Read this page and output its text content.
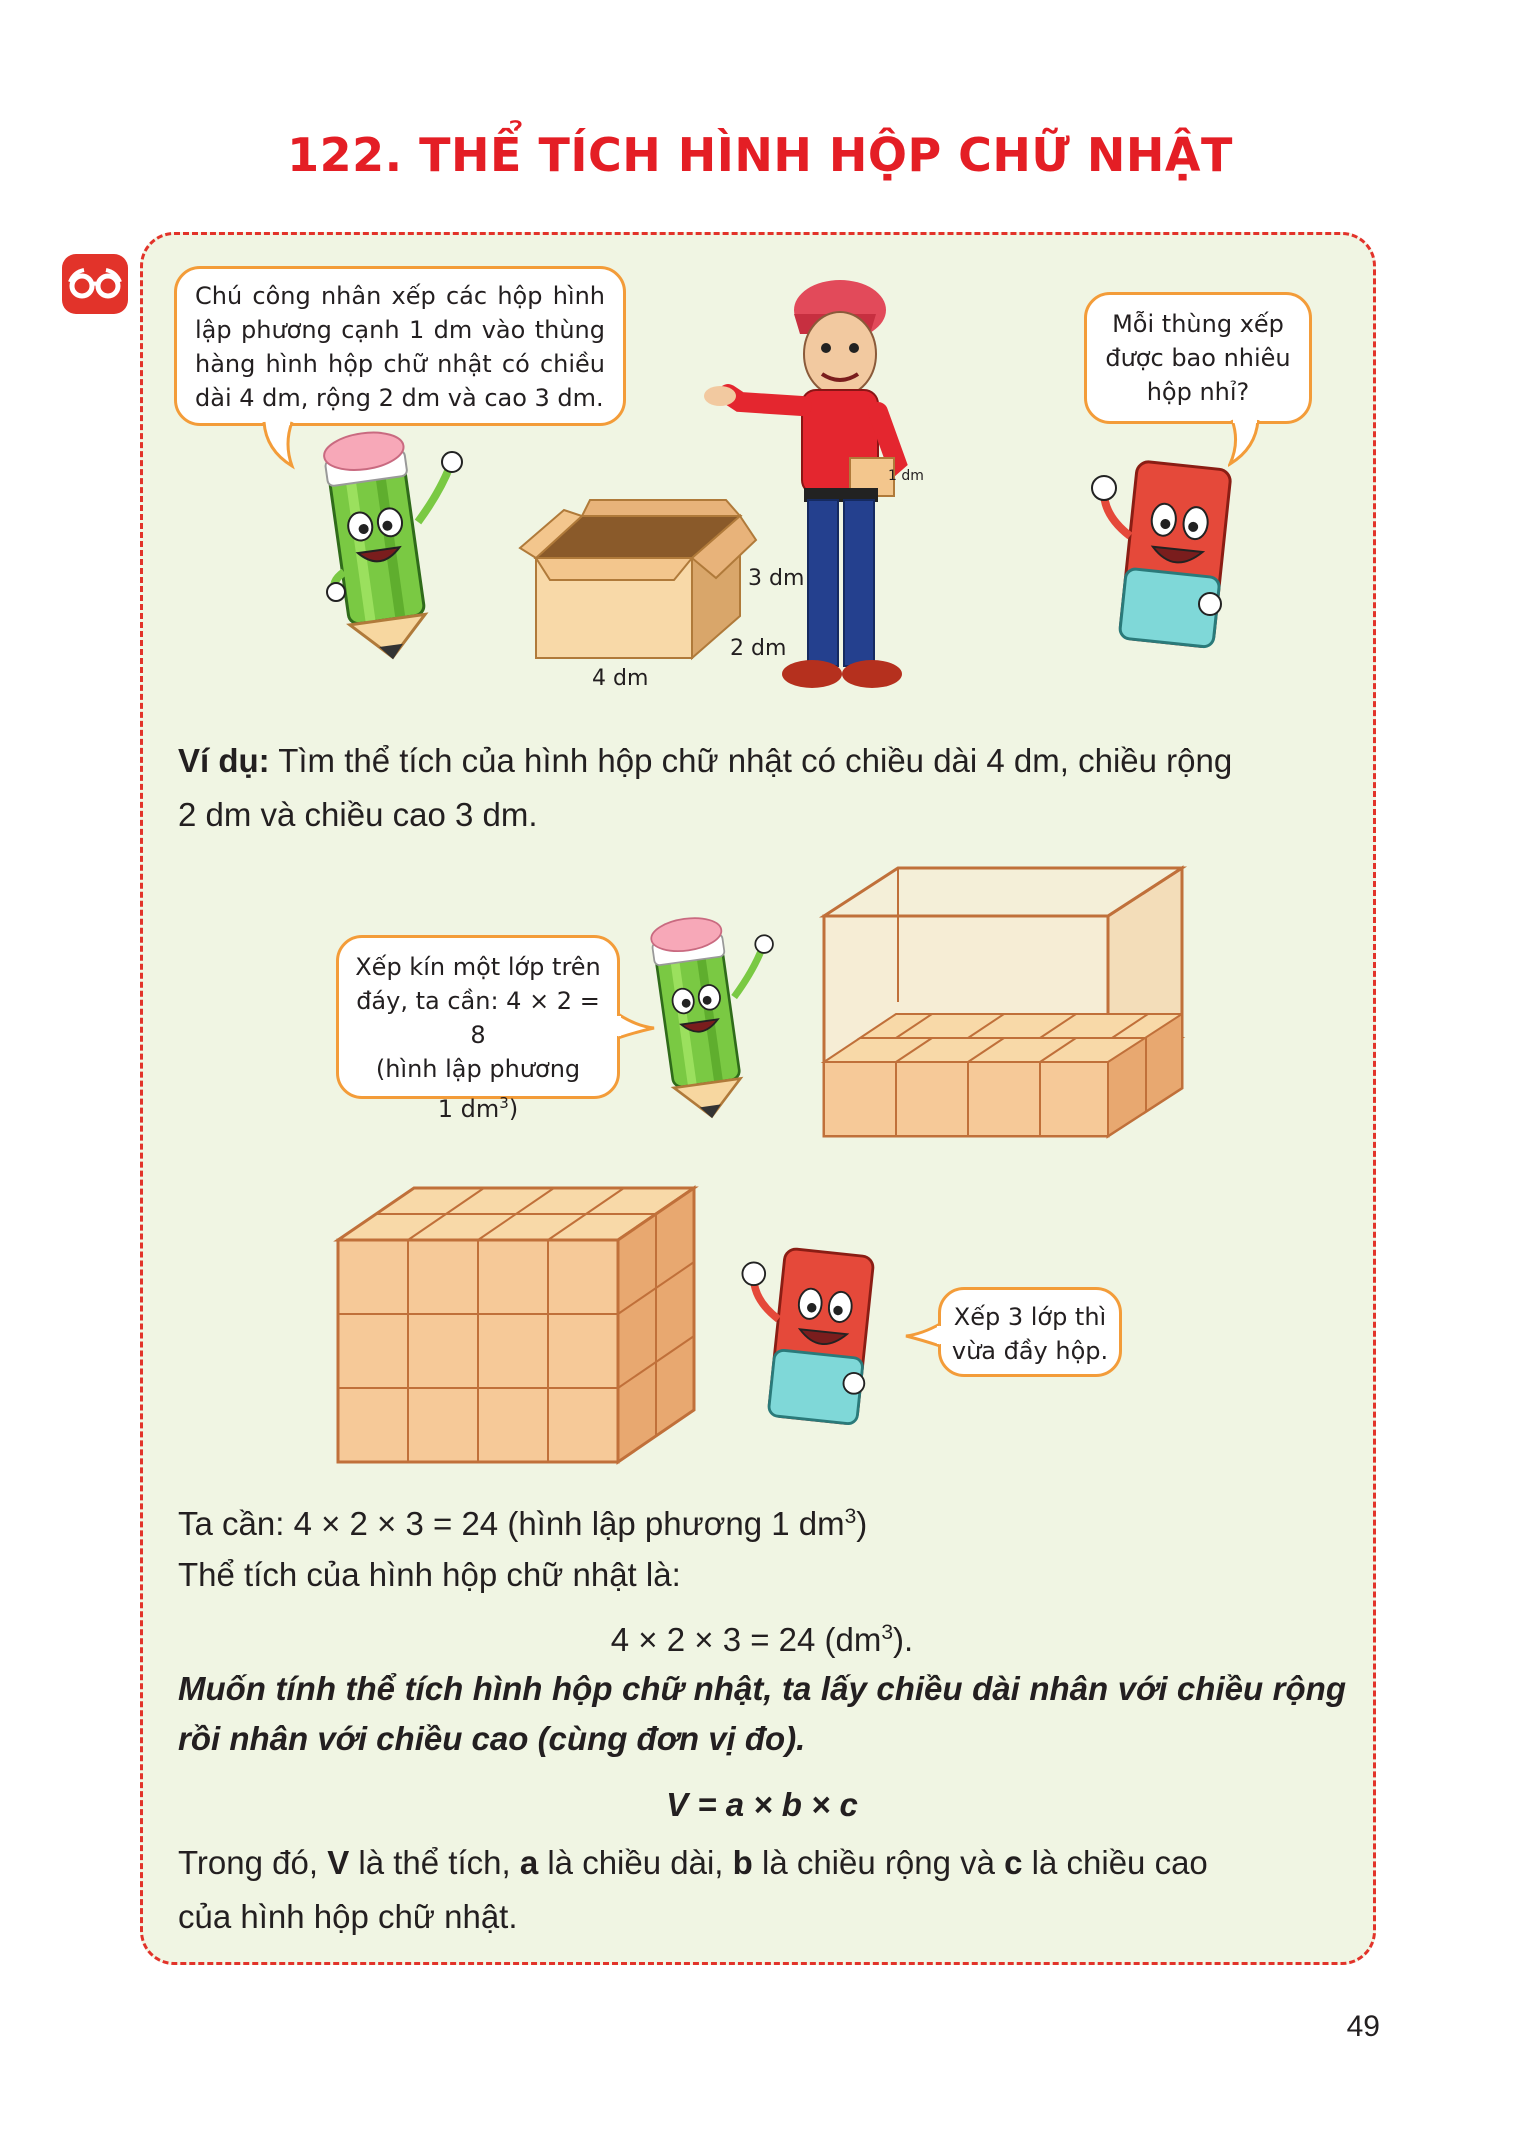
122. THỂ TÍCH HÌNH HỘP CHỮ NHẬT
Chú công nhân xếp các hộp hình lập phương cạnh 1 dm vào thùng hàng hình hộp chữ nhật có chiều dài 4 dm, rộng 2 dm và cao 3 dm.
Mỗi thùng xếp được bao nhiêu hộp nhỉ?
3 dm
2 dm
4 dm
1 dm
Ví dụ: Tìm thể tích của hình hộp chữ nhật có chiều dài 4 dm, chiều rộng
2 dm và chiều cao 3 dm.
Xếp kín một lớp trên
đáy, ta cần: 4 × 2 = 8
(hình lập phương
1 $dm^3$)
Xếp 3 lớp thì
vừa đầy hộp.
Ta cần: 4 × 2 × 3 = 24 (hình lập phương 1 $dm^3$)
Thể tích của hình hộp chữ nhật là:
4 × 2 × 3 = 24 $(dm^3)$.
Muốn tính thể tích hình hộp chữ nhật, ta lấy chiều dài nhân với chiều rộng rồi nhân với chiều cao (cùng đơn vị đo).
V = a × b × c
Trong đó, V là thể tích, a là chiều dài, b là chiều rộng và c là chiều cao
của hình hộp chữ nhật.
49
